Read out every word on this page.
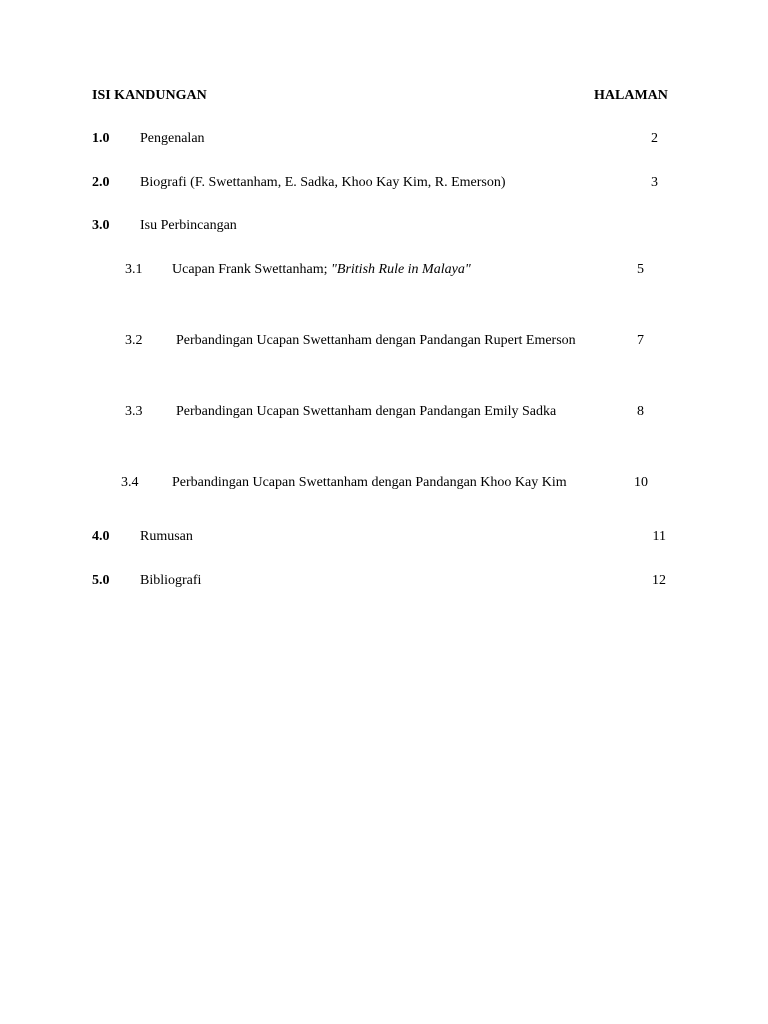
ISI KANDUNGAN	HALAMAN
1.0 Pengenalan	2
2.0 Biografi (F. Swettanham, E. Sadka, Khoo Kay Kim, R. Emerson)	3
3.0 Isu Perbincangan
3.1 Ucapan Frank Swettanham; "British Rule in Malaya"	5
3.2 Perbandingan Ucapan Swettanham dengan Pandangan Rupert Emerson	7
3.3 Perbandingan Ucapan Swettanham dengan Pandangan Emily Sadka	8
3.4 Perbandingan Ucapan Swettanham dengan Pandangan Khoo Kay Kim	10
4.0 Rumusan	11
5.0 Bibliografi	12
